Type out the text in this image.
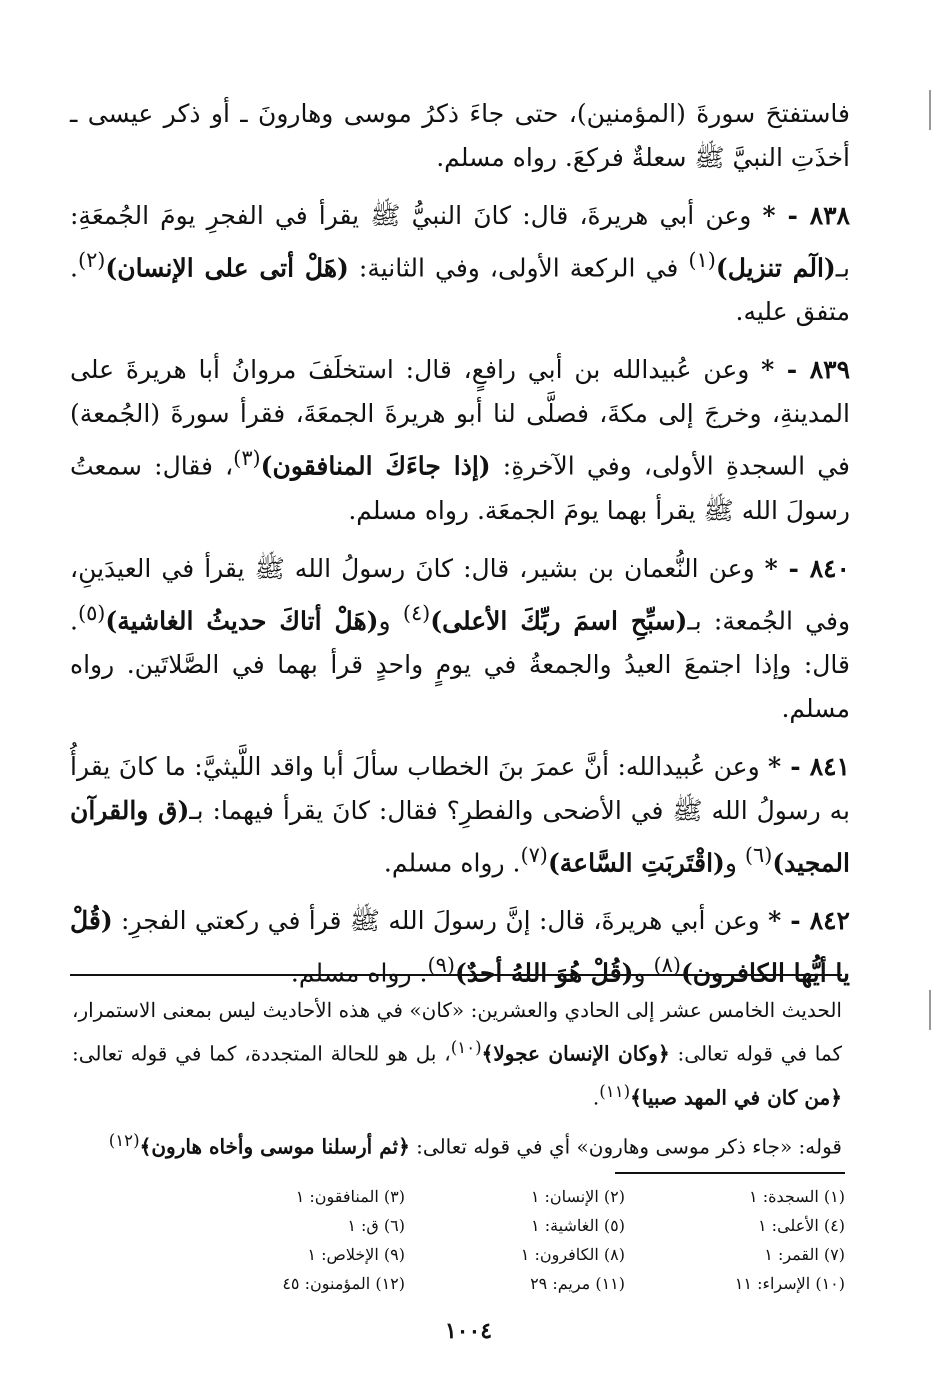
فاستفتحَ سورةَ (المؤمنين)، حتى جاءَ ذكرُ موسى وهارونَ ـ أو ذكر عيسى ـ أخذَتِ النبيَّ ﷺ سعلةٌ فركعَ. رواه مسلم.

٨٣٨ - * وعن أبي هريرةَ، قال: كانَ النبيُّ ﷺ يقرأ في الفجرِ يومَ الجُمعَةِ: بـ(الٓم تنزيل)$^{(١)}$ في الركعة الأولى، وفي الثانية: (هَلْ أتى على الإنسان)$^{(٢)}$. متفق عليه.

٨٣٩ - * وعن عُبيدالله بن أبي رافعٍ، قال: استخلَفَ مروانُ أبا هريرةَ على المدينةِ، وخرجَ إلى مكةَ، فصلَّى لنا أبو هريرةَ الجمعَةَ، فقرأ سورةَ (الجُمعة) في السجدةِ الأولى، وفي الآخرةِ: (إذا جاءَكَ المنافقون)$^{(٣)}$، فقال: سمعتُ رسولَ الله ﷺ يقرأ بهما يومَ الجمعَة. رواه مسلم.

٨٤٠ - * وعن النُّعمان بن بشير، قال: كانَ رسولُ الله ﷺ يقرأ في العيدَينِ، وفي الجُمعة: بـ(سبِّحِ اسمَ ربِّكَ الأعلى)$^{(٤)}$ و(هَلْ أتاكَ حديثُ الغاشية)$^{(٥)}$. قال: وإذا اجتمعَ العيدُ والجمعةُ في يومٍ واحدٍ قرأ بهما في الصَّلاتَين. رواه مسلم.

٨٤١ - * وعن عُبيدالله: أنَّ عمرَ بنَ الخطاب سألَ أبا واقد اللَّيثيَّ: ما كانَ يقرأُ به رسولُ الله ﷺ في الأضحى والفطرِ؟ فقال: كانَ يقرأ فيهما: بـ(ق والقرآن المجيد)$^{(٦)}$ و(اقْتَربَتِ السَّاعة)$^{(٧)}$. رواه مسلم.

٨٤٢ - * وعن أبي هريرةَ، قال: إنَّ رسولَ الله ﷺ قرأ في ركعتي الفجرِ: (قُلْ يا أيُّها الكافرون)$^{(٨)}$ و(قُلْ هُوَ اللهُ أحدٌ)$^{(٩)}$. رواه مسلم.

الحديث الخامس عشر إلى الحادي والعشرين: «كان» في هذه الأحاديث ليس بمعنى الاستمرار، كما في قوله تعالى: ﴿وكان الإنسان عجولا﴾$^{(١٠)}$، بل هو للحالة المتجددة، كما في قوله تعالى: ﴿من كان في المهد صبيا﴾$^{(١١)}$.

قوله: «جاء ذكر موسى وهارون» أي في قوله تعالى: ﴿ثم أرسلنا موسى وأخاه هارون﴾$^{(١٢)}$

(١) السجدة: ١
(٢) الإنسان: ١
(٣) المنافقون: ١
(٤) الأعلى: ١
(٥) الغاشية: ١
(٦) ق: ١
(٧) القمر: ١
(٨) الكافرون: ١
(٩) الإخلاص: ١
(١٠) الإسراء: ١١
(١١) مريم: ٢٩
(١٢) المؤمنون: ٤٥
١٠٠٤
